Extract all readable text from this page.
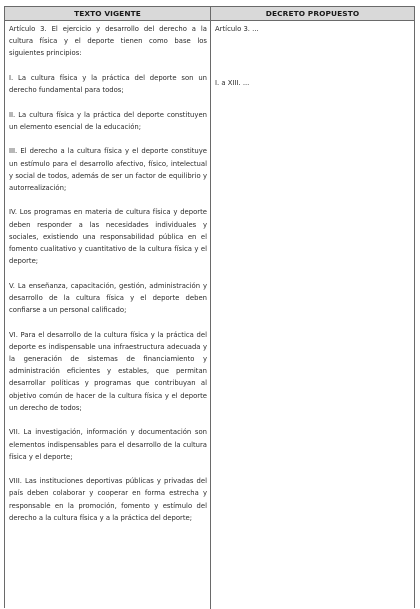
TEXTO VIGENTE	DECRETO PROPUESTO

Artículo 3. El ejercicio y desarrollo del derecho a la cultura física y el deporte tienen como base los siguientes principios:

I. La cultura física y la práctica del deporte son un derecho fundamental para todos;

II. La cultura física y la práctica del deporte constituyen un elemento esencial de la educación;

III. El derecho a la cultura física y el deporte constituye un estímulo para el desarrollo afectivo, físico, intelectual y social de todos, además de ser un factor de equilibrio y autorrealización;

IV. Los programas en materia de cultura física y deporte deben responder a las necesidades individuales y sociales, existiendo una responsabilidad pública en el fomento cualitativo y cuantitativo de la cultura física y el deporte;

V. La enseñanza, capacitación, gestión, administración y desarrollo de la cultura física y el deporte deben confiarse a un personal calificado;

VI. Para el desarrollo de la cultura física y la práctica del deporte es indispensable una infraestructura adecuada y la generación de sistemas de financiamiento y administración eficientes y estables, que permitan desarrollar políticas y programas que contribuyan al objetivo común de hacer de la cultura física y el deporte un derecho de todos;

VII. La investigación, información y documentación son elementos indispensables para el desarrollo de la cultura física y el deporte;

VIII. Las instituciones deportivas públicas y privadas del país deben colaborar y cooperar en forma estrecha y responsable en la promoción, fomento y estímulo del derecho a la cultura física y a la práctica del deporte;

Artículo 3. ...

I. a XIII. ...
